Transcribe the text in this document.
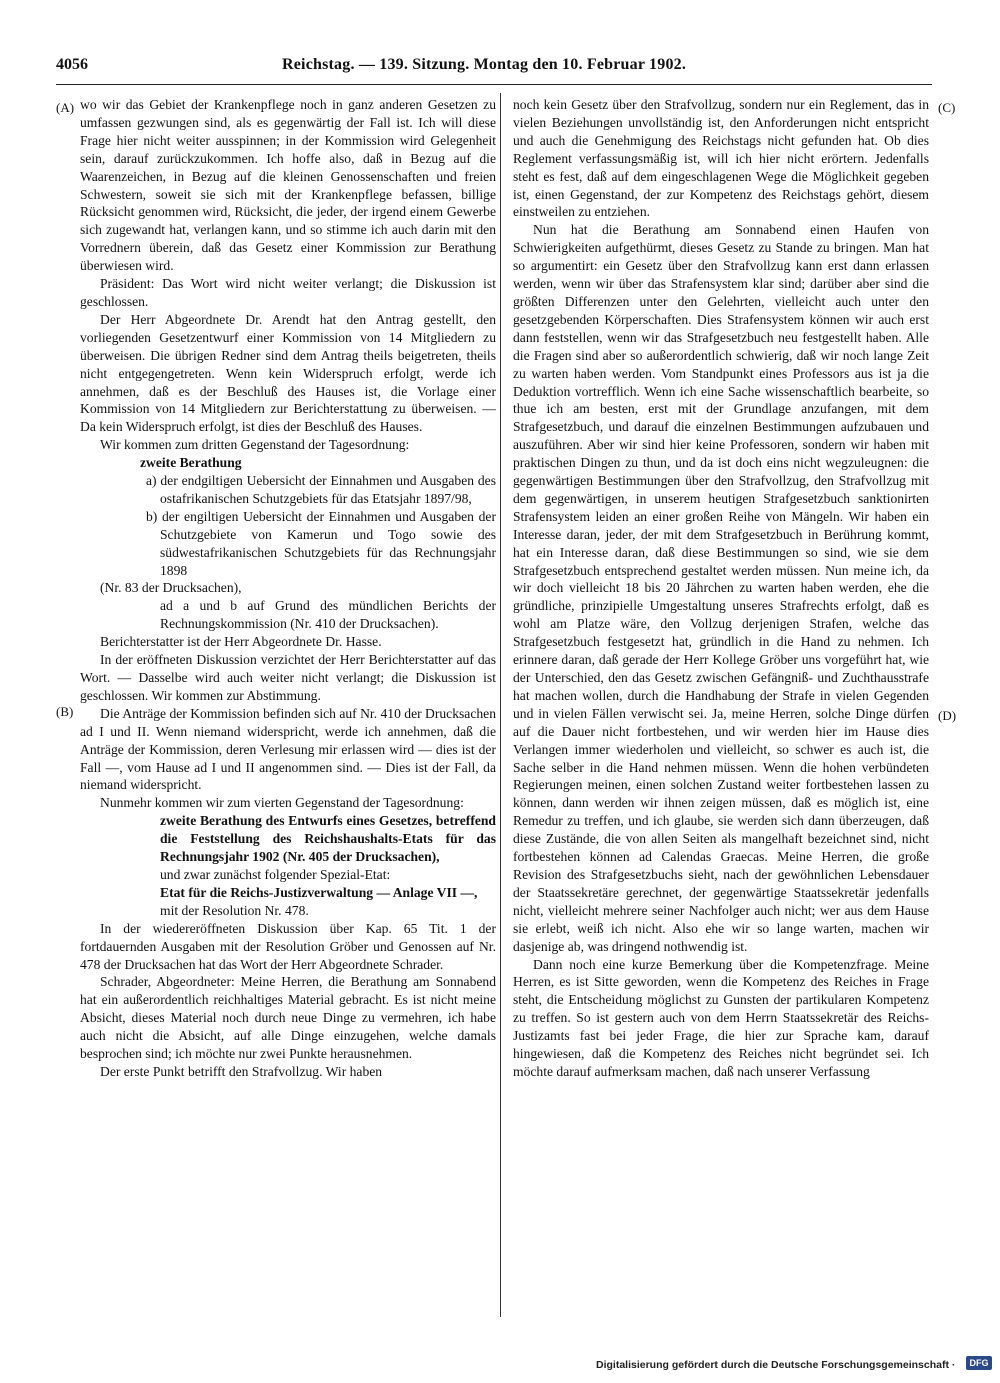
4056	Reichstag. — 139. Sitzung. Montag den 10. Februar 1902.
(A)
(B)
(C)
(D)

wo wir das Gebiet der Krankenpflege noch in ganz anderen Gesetzen zu umfassen gezwungen sind, als es gegenwärtig der Fall ist. Ich will diese Frage hier nicht weiter ausspinnen; in der Kommission wird Gelegenheit sein, darauf zurückzukommen. Ich hoffe also, daß in Bezug auf die Waarenzeichen, in Bezug auf die kleinen Genossenschaften und freien Schwestern, soweit sie sich mit der Krankenpflege befassen, billige Rücksicht genommen wird, Rücksicht, die jeder, der irgend einem Gewerbe sich zugewandt hat, verlangen kann, und so stimme ich auch darin mit den Vorrednern überein, daß das Gesetz einer Kommission zur Berathung überwiesen wird.

Präsident: Das Wort wird nicht weiter verlangt; die Diskussion ist geschlossen.

Der Herr Abgeordnete Dr. Arendt hat den Antrag gestellt, den vorliegenden Gesetzentwurf einer Kommission von 14 Mitgliedern zu überweisen. Die übrigen Redner sind dem Antrag theils beigetreten, theils nicht entgegengetreten. Wenn kein Widerspruch erfolgt, werde ich annehmen, daß es der Beschluß des Hauses ist, die Vorlage einer Kommission von 14 Mitgliedern zur Berichterstattung zu überweisen. — Da kein Widerspruch erfolgt, ist dies der Beschluß des Hauses.

Wir kommen zum dritten Gegenstand der Tagesordnung:

zweite Berathung

a) der endgiltigen Uebersicht der Einnahmen und Ausgaben des ostafrikanischen Schutzgebiets für das Etatsjahr 1897/98,

b) der engiltigen Uebersicht der Einnahmen und Ausgaben der Schutzgebiete von Kamerun und Togo sowie des südwestafrikanischen Schutzgebiets für das Rechnungsjahr 1898

(Nr. 83 der Drucksachen),

ad a und b auf Grund des mündlichen Berichts der Rechnungskommission (Nr. 410 der Drucksachen).

Berichterstatter ist der Herr Abgeordnete Dr. Hasse.

In der eröffneten Diskussion verzichtet der Herr Berichterstatter auf das Wort. — Dasselbe wird auch weiter nicht verlangt; die Diskussion ist geschlossen. Wir kommen zur Abstimmung.

Die Anträge der Kommission befinden sich auf Nr. 410 der Drucksachen ad I und II. Wenn niemand widerspricht, werde ich annehmen, daß die Anträge der Kommission, deren Verlesung mir erlassen wird — dies ist der Fall —, vom Hause ad I und II angenommen sind. — Dies ist der Fall, da niemand widerspricht.

Nunmehr kommen wir zum vierten Gegenstand der Tagesordnung:

zweite Berathung des Entwurfs eines Gesetzes, betreffend die Feststellung des Reichshaushalts-Etats für das Rechnungsjahr 1902 (Nr. 405 der Drucksachen),

und zwar zunächst folgender Spezial-Etat:

Etat für die Reichs-Justizverwaltung — Anlage VII —,

mit der Resolution Nr. 478.

In der wiedereröffneten Diskussion über Kap. 65 Tit. 1 der fortdauernden Ausgaben mit der Resolution Gröber und Genossen auf Nr. 478 der Drucksachen hat das Wort der Herr Abgeordnete Schrader.

Schrader, Abgeordneter: Meine Herren, die Berathung am Sonnabend hat ein außerordentlich reichhaltiges Material gebracht. Es ist nicht meine Absicht, dieses Material noch durch neue Dinge zu vermehren, ich habe auch nicht die Absicht, auf alle Dinge einzugehen, welche damals besprochen sind; ich möchte nur zwei Punkte herausnehmen.

Der erste Punkt betrifft den Strafvollzug. Wir haben

noch kein Gesetz über den Strafvollzug, sondern nur ein Reglement, das in vielen Beziehungen unvollständig ist, den Anforderungen nicht entspricht und auch die Genehmigung des Reichstags nicht gefunden hat. Ob dies Reglement verfassungsmäßig ist, will ich hier nicht erörtern. Jedenfalls steht es fest, daß auf dem eingeschlagenen Wege die Möglichkeit gegeben ist, einen Gegenstand, der zur Kompetenz des Reichstags gehört, diesem einstweilen zu entziehen.

Nun hat die Berathung am Sonnabend einen Haufen von Schwierigkeiten aufgethürmt, dieses Gesetz zu Stande zu bringen. Man hat so argumentirt: ein Gesetz über den Strafvollzug kann erst dann erlassen werden, wenn wir über das Strafensystem klar sind; darüber aber sind die größten Differenzen unter den Gelehrten, vielleicht auch unter den gesetzgebenden Körperschaften. Dies Strafensystem können wir auch erst dann feststellen, wenn wir das Strafgesetzbuch neu festgestellt haben. Alle die Fragen sind aber so außerordentlich schwierig, daß wir noch lange Zeit zu warten haben werden. Vom Standpunkt eines Professors aus ist ja die Deduktion vortrefflich. Wenn ich eine Sache wissenschaftlich bearbeite, so thue ich am besten, erst mit der Grundlage anzufangen, mit dem Strafgesetzbuch, und darauf die einzelnen Bestimmungen aufzubauen und auszuführen. Aber wir sind hier keine Professoren, sondern wir haben mit praktischen Dingen zu thun, und da ist doch eins nicht wegzuleugnen: die gegenwärtigen Bestimmungen über den Strafvollzug, den Strafvollzug mit dem gegenwärtigen, in unserem heutigen Strafgesetzbuch sanktionirten Strafensystem leiden an einer großen Reihe von Mängeln. Wir haben ein Interesse daran, jeder, der mit dem Strafgesetzbuch in Berührung kommt, hat ein Interesse daran, daß diese Bestimmungen so sind, wie sie dem Strafgesetzbuch entsprechend gestaltet werden müssen. Nun meine ich, da wir doch vielleicht 18 bis 20 Jährchen zu warten haben werden, ehe die gründliche, prinzipielle Umgestaltung unseres Strafrechts erfolgt, daß es wohl am Platze wäre, den Vollzug derjenigen Strafen, welche das Strafgesetzbuch festgesetzt hat, gründlich in die Hand zu nehmen. Ich erinnere daran, daß gerade der Herr Kollege Gröber uns vorgeführt hat, wie der Unterschied, den das Gesetz zwischen Gefängniß- und Zuchthausstrafe hat machen wollen, durch die Handhabung der Strafe in vielen Gegenden und in vielen Fällen verwischt sei. Ja, meine Herren, solche Dinge dürfen auf die Dauer nicht fortbestehen, und wir werden hier im Hause dies Verlangen immer wiederholen und vielleicht, so schwer es auch ist, die Sache selber in die Hand nehmen müssen. Wenn die hohen verbündeten Regierungen meinen, einen solchen Zustand weiter fortbestehen lassen zu können, dann werden wir ihnen zeigen müssen, daß es möglich ist, eine Remedur zu treffen, und ich glaube, sie werden sich dann überzeugen, daß diese Zustände, die von allen Seiten als mangelhaft bezeichnet sind, nicht fortbestehen können ad Calendas Graecas. Meine Herren, die große Revision des Strafgesetzbuchs sieht, nach der gewöhnlichen Lebensdauer der Staatssekretäre gerechnet, der gegenwärtige Staatssekretär jedenfalls nicht, vielleicht mehrere seiner Nachfolger auch nicht; wer aus dem Hause sie erlebt, weiß ich nicht. Also ehe wir so lange warten, machen wir dasjenige ab, was dringend nothwendig ist.

Dann noch eine kurze Bemerkung über die Kompetenzfrage. Meine Herren, es ist Sitte geworden, wenn die Kompetenz des Reiches in Frage steht, die Entscheidung möglichst zu Gunsten der partikularen Kompetenz zu treffen. So ist gestern auch von dem Herrn Staatssekretär des Reichs-Justizamts fast bei jeder Frage, die hier zur Sprache kam, darauf hingewiesen, daß die Kompetenz des Reiches nicht begründet sei. Ich möchte darauf aufmerksam machen, daß nach unserer Verfassung

Digitalisierung gefördert durch die Deutsche Forschungsgemeinschaft ·	DFG
